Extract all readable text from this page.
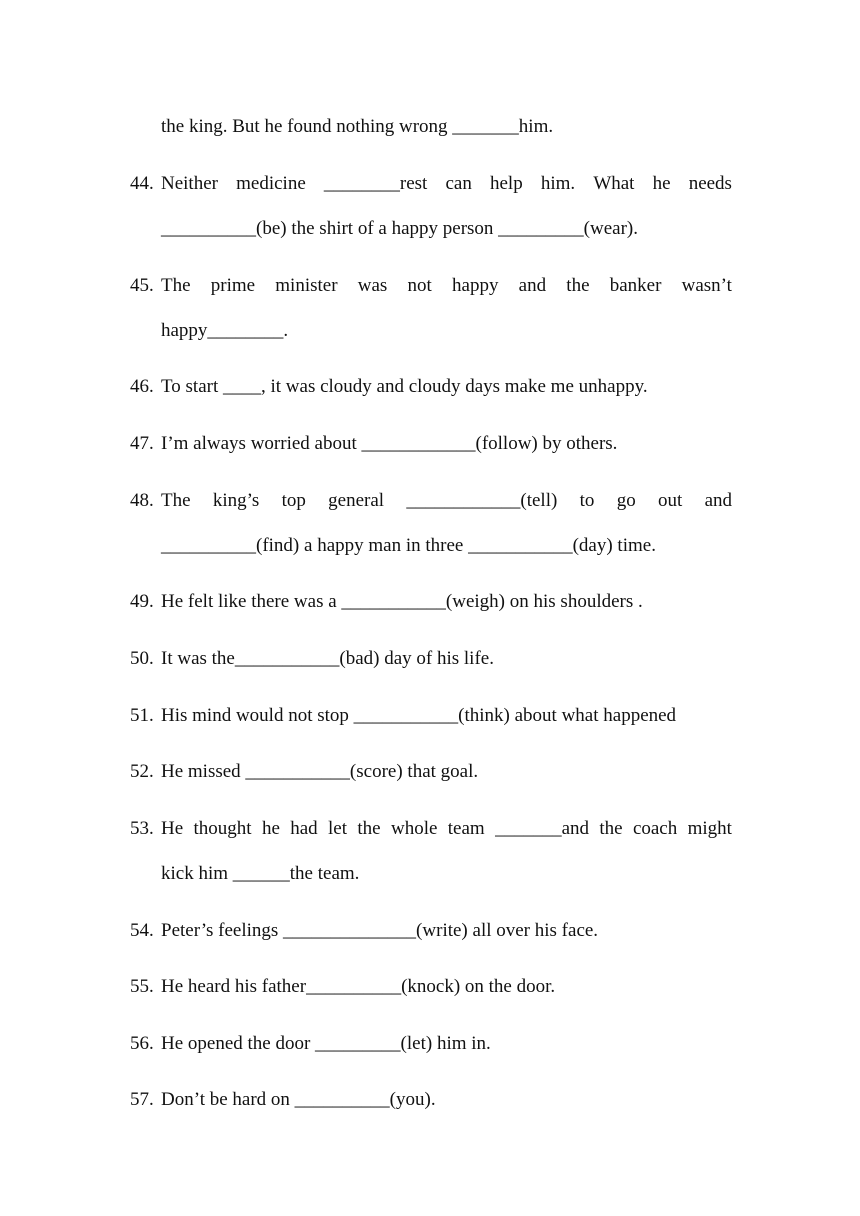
the king. But he found nothing wrong _______him.
44. Neither medicine ________rest can help him. What he needs
__________(be) the shirt of a happy person _________(wear).
45. The prime minister was not happy and the banker wasn’t
happy________.
46. To start ____, it was cloudy and cloudy days make me unhappy.
47. I’m always worried about ____________(follow) by others.
48. The king’s top general ____________(tell) to go out and
__________(find) a happy man in three ___________(day) time.
49. He felt like there was a ___________(weigh) on his shoulders .
50. It was the___________(bad) day of his life.
51. His mind would not stop ___________(think) about what happened
52. He missed ___________(score) that goal.
53. He thought he had let the whole team _______and the coach might
kick him ______the team.
54. Peter’s feelings ______________(write) all over his face.
55. He heard his father__________(knock) on the door.
56. He opened the door _________(let) him in.
57. Don’t be hard on __________(you).
